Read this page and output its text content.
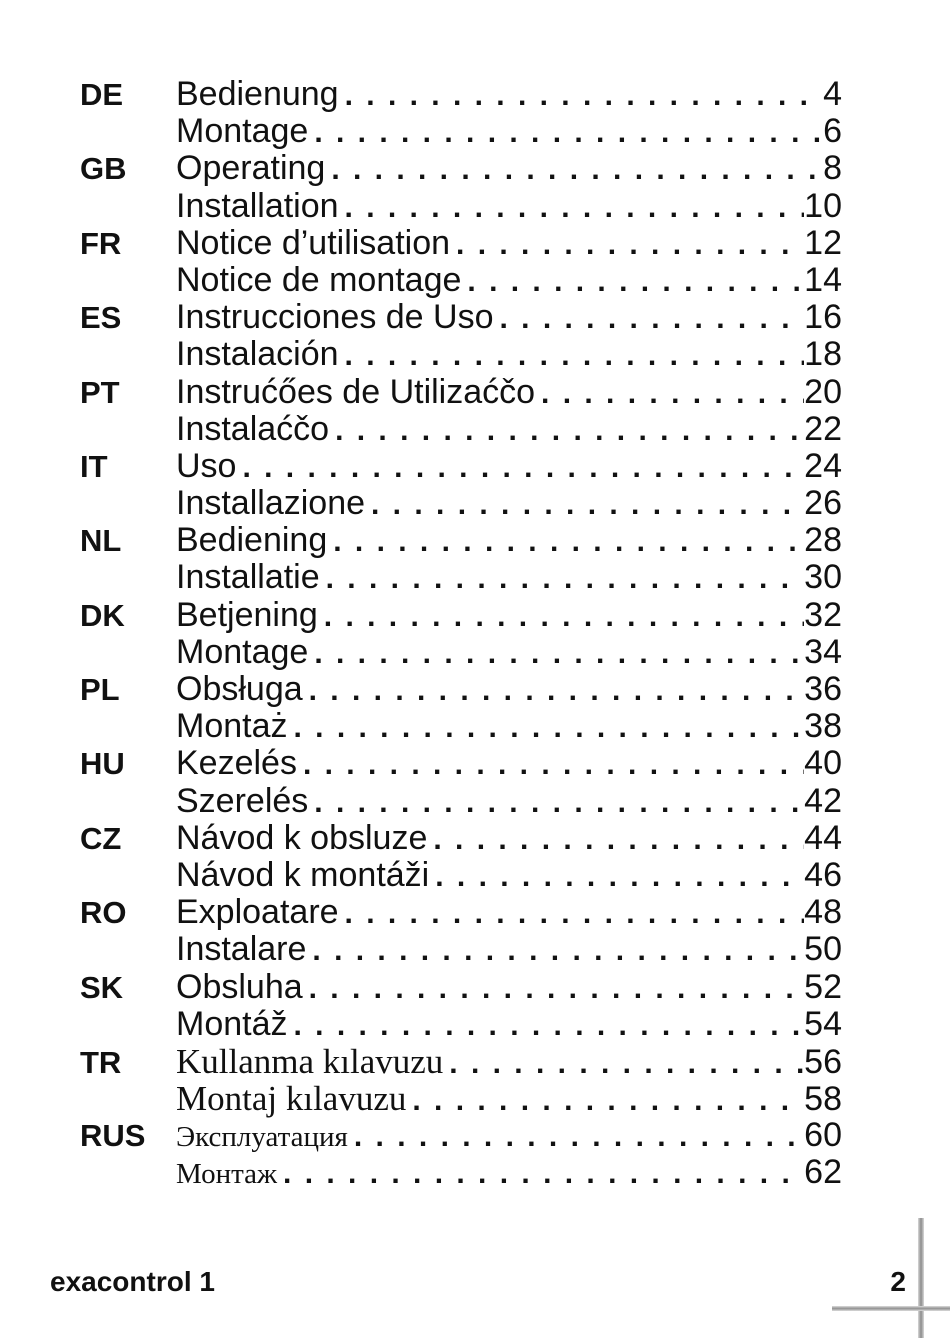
DE	Bedienung . . .	4
Montage . . .	6
GB	Operating . . .	8
Installation . . .	10
FR	Notice d’utilisation . . .	12
Notice de montage . . .	14
ES	Instrucciones de Uso . . .	16
Instalación . . .	18
PT	Instrućőes de Utilizaćčo . . .	20
Instalaćčo . . .	22
IT	Uso . . .	24
Installazione . . .	26
NL	Bediening . . .	28
Installatie . . .	30
DK	Betjening . . .	32
Montage . . .	34
PL	Obsługa . . .	36
Montaż . . .	38
HU	Kezelés . . .	40
Szerelés . . .	42
CZ	Návod k obsluze . . .	44
Návod k montáži . . .	46
RO	Exploatare . . .	48
Instalare . . .	50
SK	Obsluha . . .	52
Montáž . . .	54
TR	Kullanma kılavuzu . . .	56
Montaj kılavuzu . . .	58
RUS	Эксплуатация . . .	60
Монтаж . . .	62
exacontrol 1	2
